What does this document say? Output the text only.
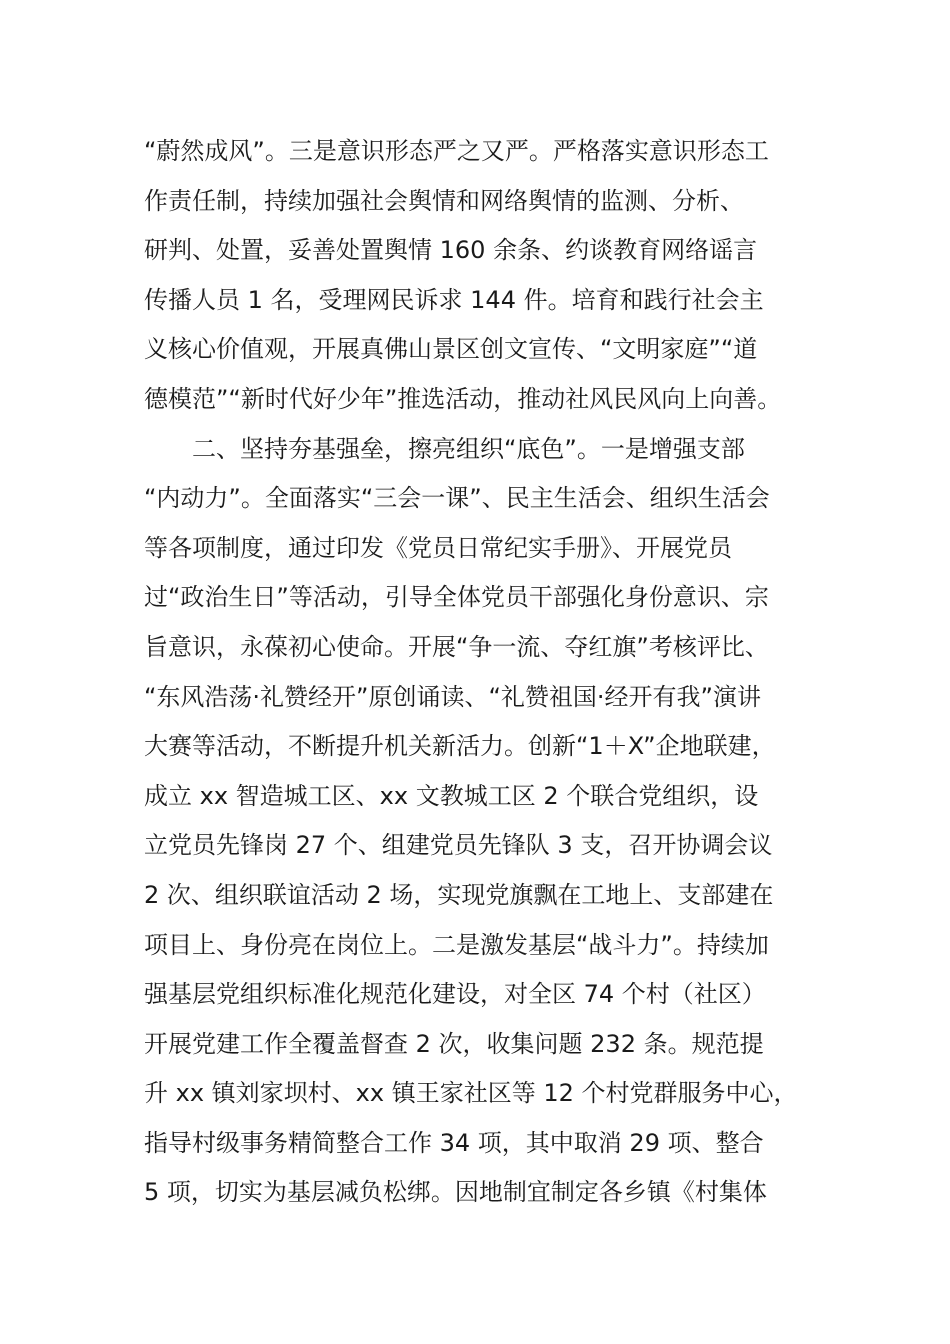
“蔚然成风”。三是意识形态严之又严。严格落实意识形态工
作责任制，持续加强社会舆情和网络舆情的监测、分析、
研判、处置，妥善处置舆情 160 余条、约谈教育网络谣言
传播人员 1 名，受理网民诉求 144 件。培育和践行社会主
义核心价值观，开展真佛山景区创文宣传、“文明家庭”“道
德模范”“新时代好少年”推选活动，推动社风民风向上向善。
二、坚持夯基强垒，擦亮组织“底色”。一是增强支部
“内动力”。全面落实“三会一课”、民主生活会、组织生活会
等各项制度，通过印发《党员日常纪实手册》、开展党员
过“政治生日”等活动，引导全体党员干部强化身份意识、宗
旨意识，永葆初心使命。开展“争一流、夺红旗”考核评比、
“东风浩荡·礼赞经开”原创诵读、“礼赞祖国·经开有我”演讲
大赛等活动，不断提升机关新活力。创新“1＋X”企地联建，
成立 xx 智造城工区、xx 文教城工区 2 个联合党组织，设
立党员先锋岗 27 个、组建党员先锋队 3 支，召开协调会议
2 次、组织联谊活动 2 场，实现党旗飘在工地上、支部建在
项目上、身份亮在岗位上。二是激发基层“战斗力”。持续加
强基层党组织标准化规范化建设，对全区 74 个村（社区）
开展党建工作全覆盖督查 2 次，收集问题 232 条。规范提
升 xx 镇刘家坝村、xx 镇王家社区等 12 个村党群服务中心，
指导村级事务精简整合工作 34 项，其中取消 29 项、整合
5 项，切实为基层减负松绑。因地制宜制定各乡镇《村集体
